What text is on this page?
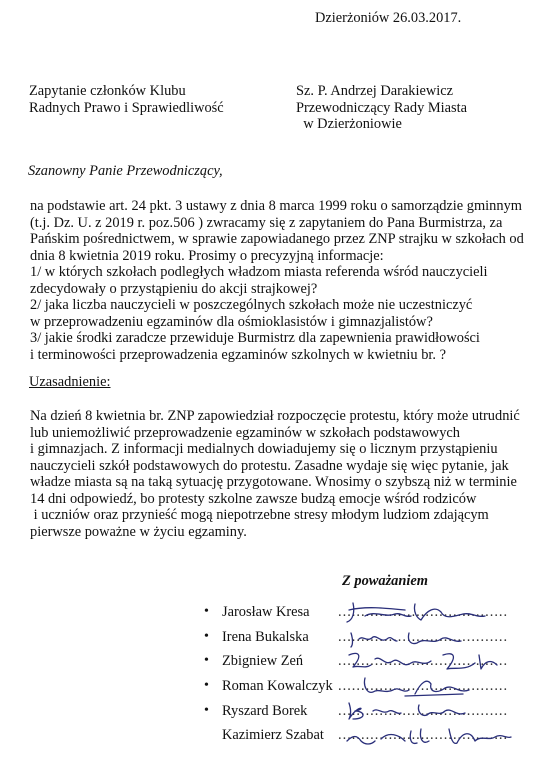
Dzierżoniów 26.03.2017.
Zapytanie członków Klubu
Radnych Prawo i Sprawiedliwość
Sz. P. Andrzej Darakiewicz
Przewodniczący Rady Miasta
w Dzierżoniowie
Szanowny Panie Przewodniczący,
na podstawie art. 24 pkt. 3 ustawy z dnia 8 marca 1999 roku o samorządzie gminnym
(t.j. Dz. U. z 2019 r. poz.506 ) zwracamy się z zapytaniem do Pana Burmistrza, za
Pańskim pośrednictwem, w sprawie zapowiadanego przez ZNP strajku w szkołach od
dnia 8 kwietnia 2019 roku. Prosimy o precyzyjną informacje:
1/ w których szkołach podległych władzom miasta referenda wśród nauczycieli
zdecydowały o przystąpieniu do akcji strajkowej?
2/ jaka liczba nauczycieli w poszczególnych szkołach może nie uczestniczyć
w przeprowadzeniu egzaminów dla ośmioklasistów i gimnazjalistów?
3/ jakie środki zaradcze przewiduje Burmistrz dla zapewnienia prawidłowości
i terminowości przeprowadzenia egzaminów szkolnych w kwietniu br. ?
Uzasadnienie:
Na dzień 8 kwietnia br. ZNP zapowiedział rozpoczęcie protestu, który może utrudnić
lub uniemożliwić przeprowadzenie egzaminów w szkołach podstawowych
i gimnazjach. Z informacji medialnych dowiadujemy się o licznym przystąpieniu
nauczycieli szkół podstawowych do protestu. Zasadne wydaje się więc pytanie, jak
władze miasta są na taką sytuację przygotowane. Wnosimy o szybszą niż w terminie
14 dni odpowiedź, bo protesty szkolne zawsze budzą emocje wśród rodziców
i uczniów oraz przynieść mogą niepotrzebne stresy młodym ludziom zdającym
pierwsze poważne w życiu egzaminy.
Z poważaniem
• Jarosław Kresa .....................................
• Irena Bukalska .....................................
• Zbigniew Zeń .....................................
• Roman Kowalczyk .....................................
• Ryszard Borek .....................................
Kazimierz Szabat .....................................
